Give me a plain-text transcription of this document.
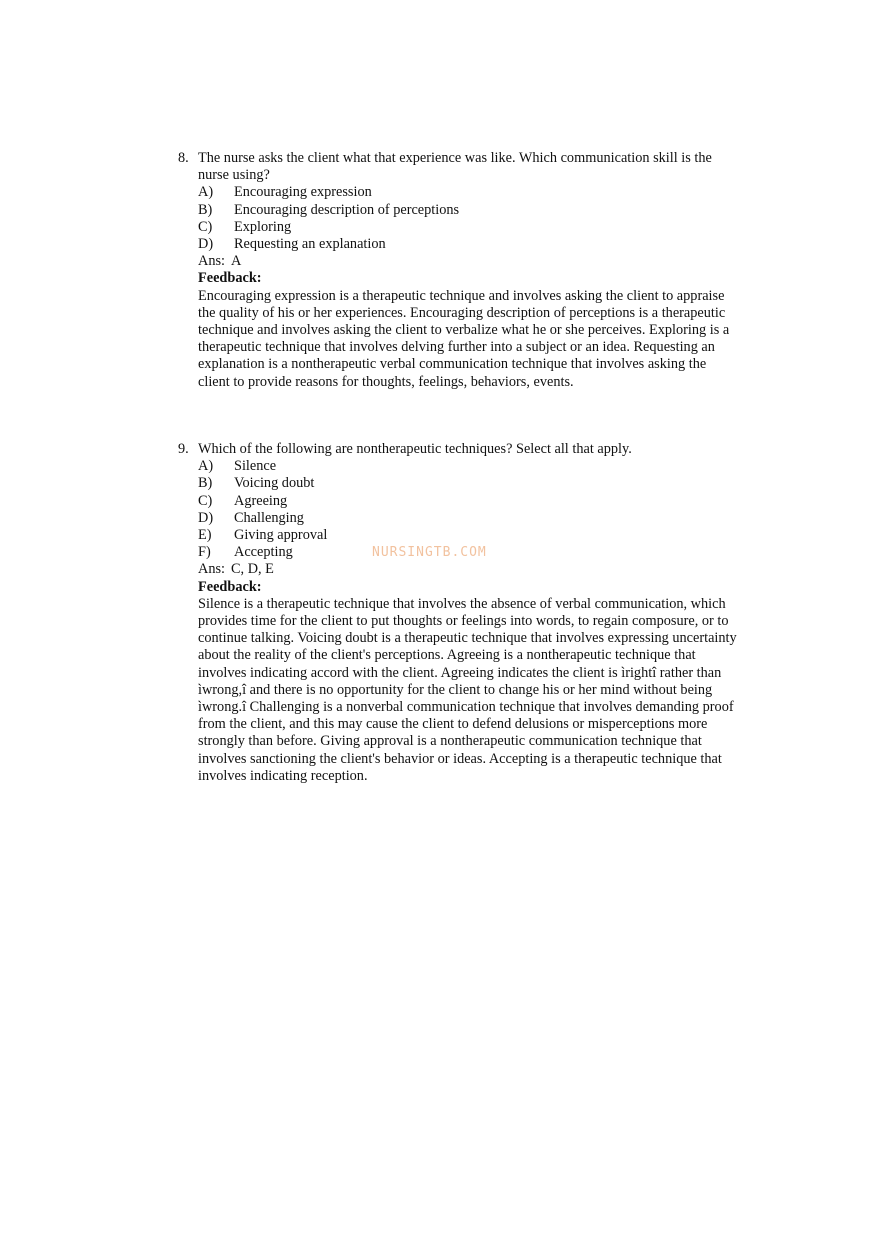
8. The nurse asks the client what that experience was like. Which communication skill is the nurse using?
A)	Encouraging expression
B)	Encouraging description of perceptions
C)	Exploring
D)	Requesting an explanation
Ans: A
Feedback:
Encouraging expression is a therapeutic technique and involves asking the client to appraise the quality of his or her experiences. Encouraging description of perceptions is a therapeutic technique and involves asking the client to verbalize what he or she perceives. Exploring is a therapeutic technique that involves delving further into a subject or an idea. Requesting an explanation is a nontherapeutic verbal communication technique that involves asking the client to provide reasons for thoughts, feelings, behaviors, events.
9. Which of the following are nontherapeutic techniques? Select all that apply.
A)	Silence
B)	Voicing doubt
C)	Agreeing
D)	Challenging
E)	Giving approval
F)	Accepting
Ans: C, D, E
Feedback:
Silence is a therapeutic technique that involves the absence of verbal communication, which provides time for the client to put thoughts or feelings into words, to regain composure, or to continue talking. Voicing doubt is a therapeutic technique that involves expressing uncertainty about the reality of the client's perceptions. Agreeing is a nontherapeutic technique that involves indicating accord with the client. Agreeing indicates the client is ìrightî rather than ìwrong,î and there is no opportunity for the client to change his or her mind without being ìwrong.î Challenging is a nonverbal communication technique that involves demanding proof from the client, and this may cause the client to defend delusions or misperceptions more strongly than before. Giving approval is a nontherapeutic communication technique that involves sanctioning the client's behavior or ideas. Accepting is a therapeutic technique that involves indicating reception.
NURSINGTB.COM
